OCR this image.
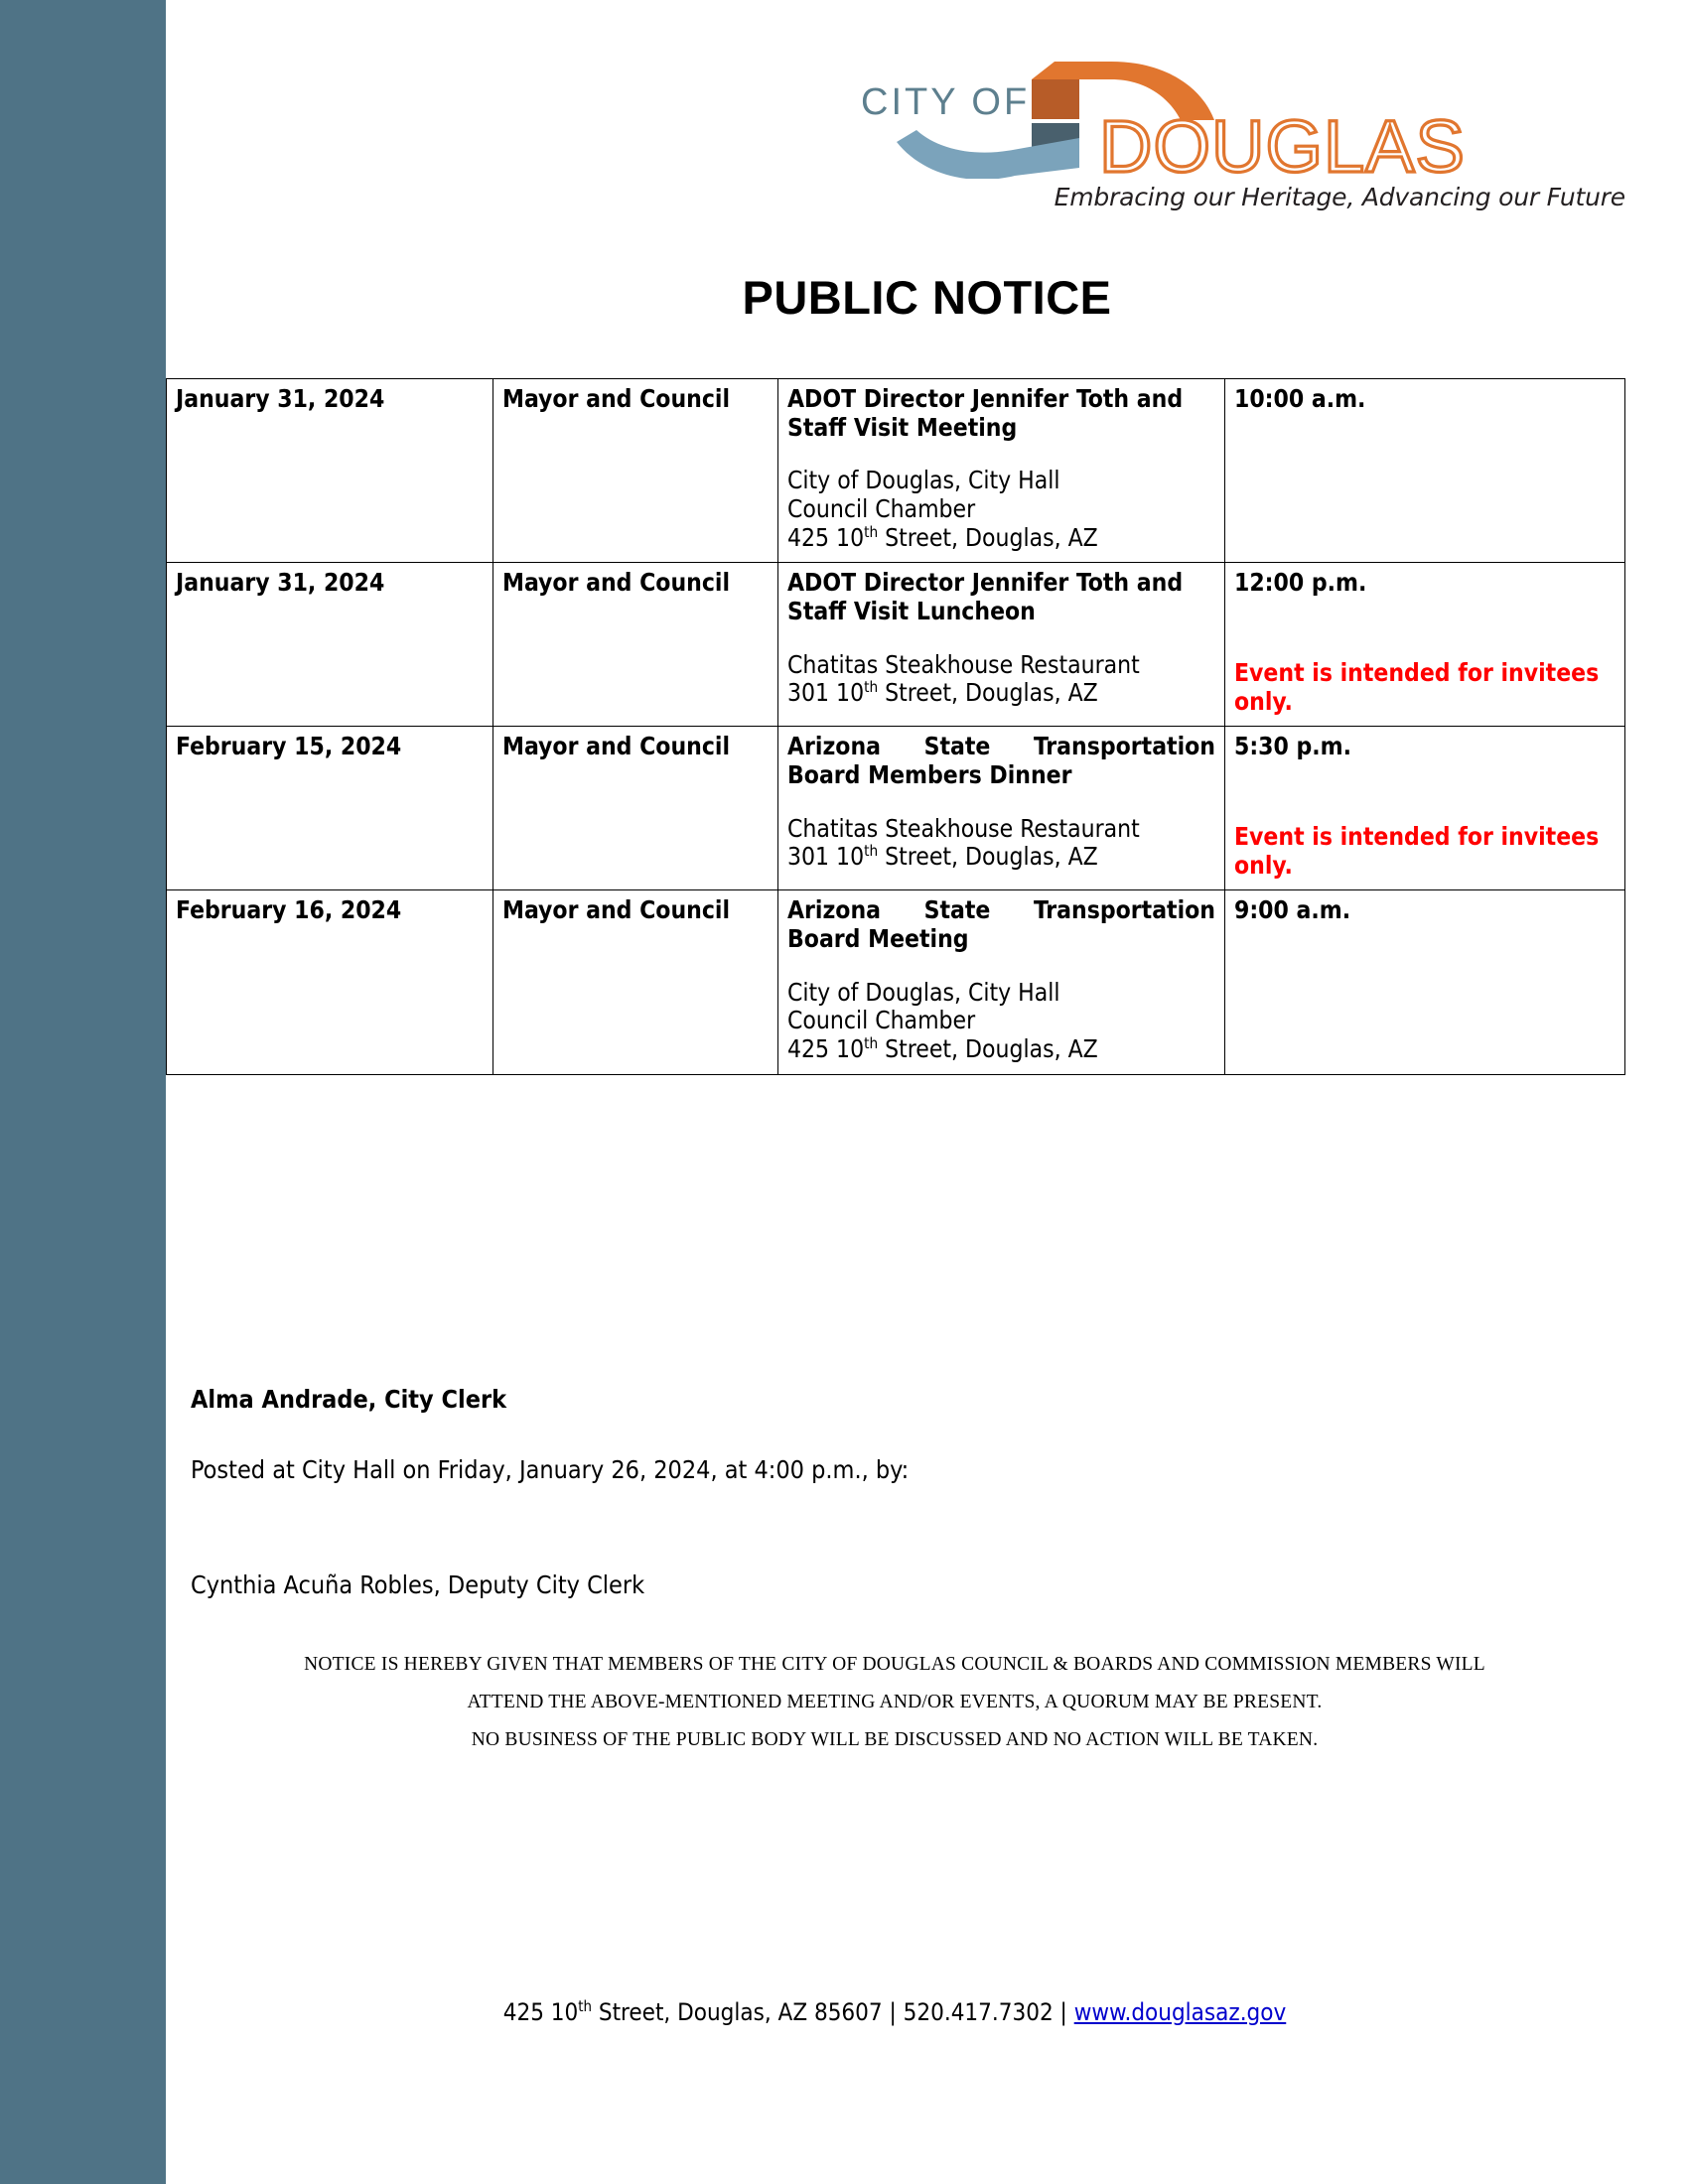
CITY OF
DOUGLAS
Embracing our Heritage, Advancing our Future
PUBLIC NOTICE
January 31, 2024	Mayor and Council	ADOT Director Jennifer Toth and Staff Visit Meeting
City of Douglas, City Hall
Council Chamber
425 10th Street, Douglas, AZ	10:00 a.m.

January 31, 2024	Mayor and Council	ADOT Director Jennifer Toth and Staff Visit Luncheon
Chatitas Steakhouse Restaurant
301 10th Street, Douglas, AZ	12:00 p.m.
Event is intended for invitees only.

February 15, 2024	Mayor and Council	Arizona State Transportation Board Members Dinner
Chatitas Steakhouse Restaurant
301 10th Street, Douglas, AZ	5:30 p.m.
Event is intended for invitees only.

February 16, 2024	Mayor and Council	Arizona State Transportation Board Meeting
City of Douglas, City Hall
Council Chamber
425 10th Street, Douglas, AZ	9:00 a.m.
Alma Andrade, City Clerk
Posted at City Hall on Friday, January 26, 2024, at 4:00 p.m., by:
Cynthia Acuña Robles, Deputy City Clerk
NOTICE IS HEREBY GIVEN THAT MEMBERS OF THE CITY OF DOUGLAS COUNCIL & BOARDS AND COMMISSION MEMBERS WILL
ATTEND THE ABOVE-MENTIONED MEETING AND/OR EVENTS, A QUORUM MAY BE PRESENT.
NO BUSINESS OF THE PUBLIC BODY WILL BE DISCUSSED AND NO ACTION WILL BE TAKEN.
425 10th Street, Douglas, AZ 85607 | 520.417.7302 | www.douglasaz.gov
